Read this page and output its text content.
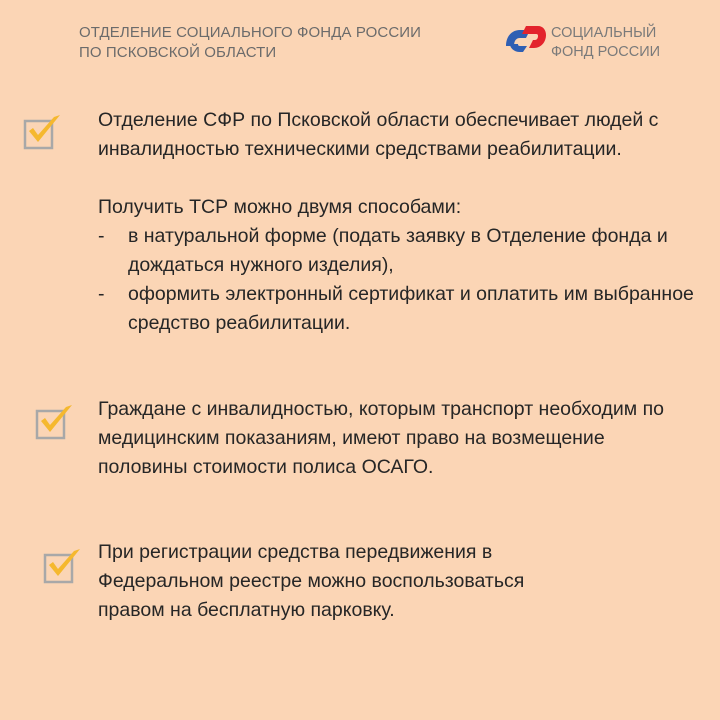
ОТДЕЛЕНИЕ СОЦИАЛЬНОГО ФОНДА РОССИИ
ПО ПСКОВСКОЙ ОБЛАСТИ
СОЦИАЛЬНЫЙ
ФОНД РОССИИ

Отделение СФР по Псковской области обеспечивает людей с инвалидностью техническими средствами реабилитации.

Получить ТСР можно двумя способами:

- в натуральной форме (подать заявку в Отделение фонда и дождаться нужного изделия),
- оформить электронный сертификат и оплатить им выбранное средство реабилитации.

Граждане с инвалидностью, которым транспорт необходим по медицинским показаниям, имеют право на возмещение половины стоимости полиса ОСАГО.

При регистрации средства передвижения в Федеральном реестре можно воспользоваться правом на бесплатную парковку.
